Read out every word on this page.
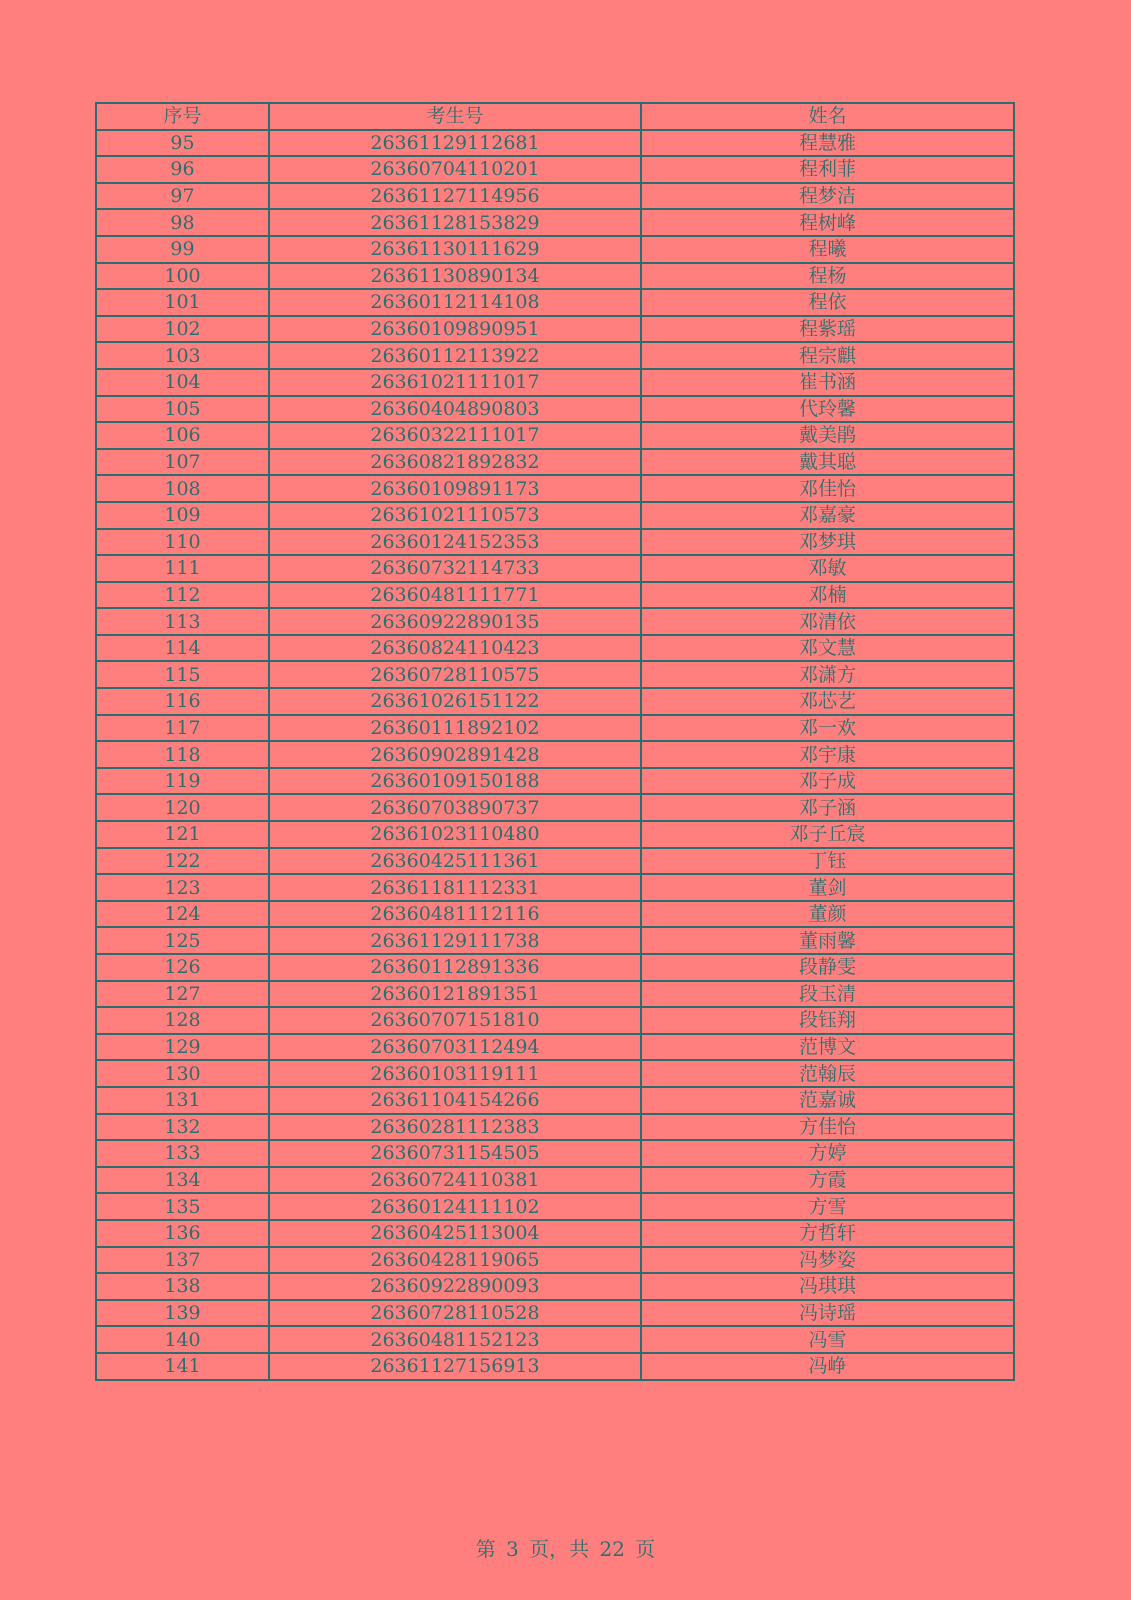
序号	考生号	姓名
95	26361129112681	程慧雅
96	26360704110201	程利菲
97	26361127114956	程梦洁
98	26361128153829	程树峰
99	26361130111629	程曦
100	26361130890134	程杨
101	26360112114108	程依
102	26360109890951	程紫瑶
103	26360112113922	程宗麒
104	26361021111017	崔书涵
105	26360404890803	代玲馨
106	26360322111017	戴美鹃
107	26360821892832	戴其聪
108	26360109891173	邓佳怡
109	26361021110573	邓嘉豪
110	26360124152353	邓梦琪
111	26360732114733	邓敏
112	26360481111771	邓楠
113	26360922890135	邓清依
114	26360824110423	邓文慧
115	26360728110575	邓潇方
116	26361026151122	邓芯艺
117	26360111892102	邓一欢
118	26360902891428	邓宇康
119	26360109150188	邓子成
120	26360703890737	邓子涵
121	26361023110480	邓子丘宸
122	26360425111361	丁钰
123	26361181112331	董剑
124	26360481112116	董颜
125	26361129111738	董雨馨
126	26360112891336	段静雯
127	26360121891351	段玉清
128	26360707151810	段钰翔
129	26360703112494	范博文
130	26360103119111	范翰辰
131	26361104154266	范嘉诚
132	26360281112383	方佳怡
133	26360731154505	方婷
134	26360724110381	方霞
135	26360124111102	方雪
136	26360425113004	方哲轩
137	26360428119065	冯梦姿
138	26360922890093	冯琪琪
139	26360728110528	冯诗瑶
140	26360481152123	冯雪
141	26361127156913	冯峥
第 3 页，共 22 页
